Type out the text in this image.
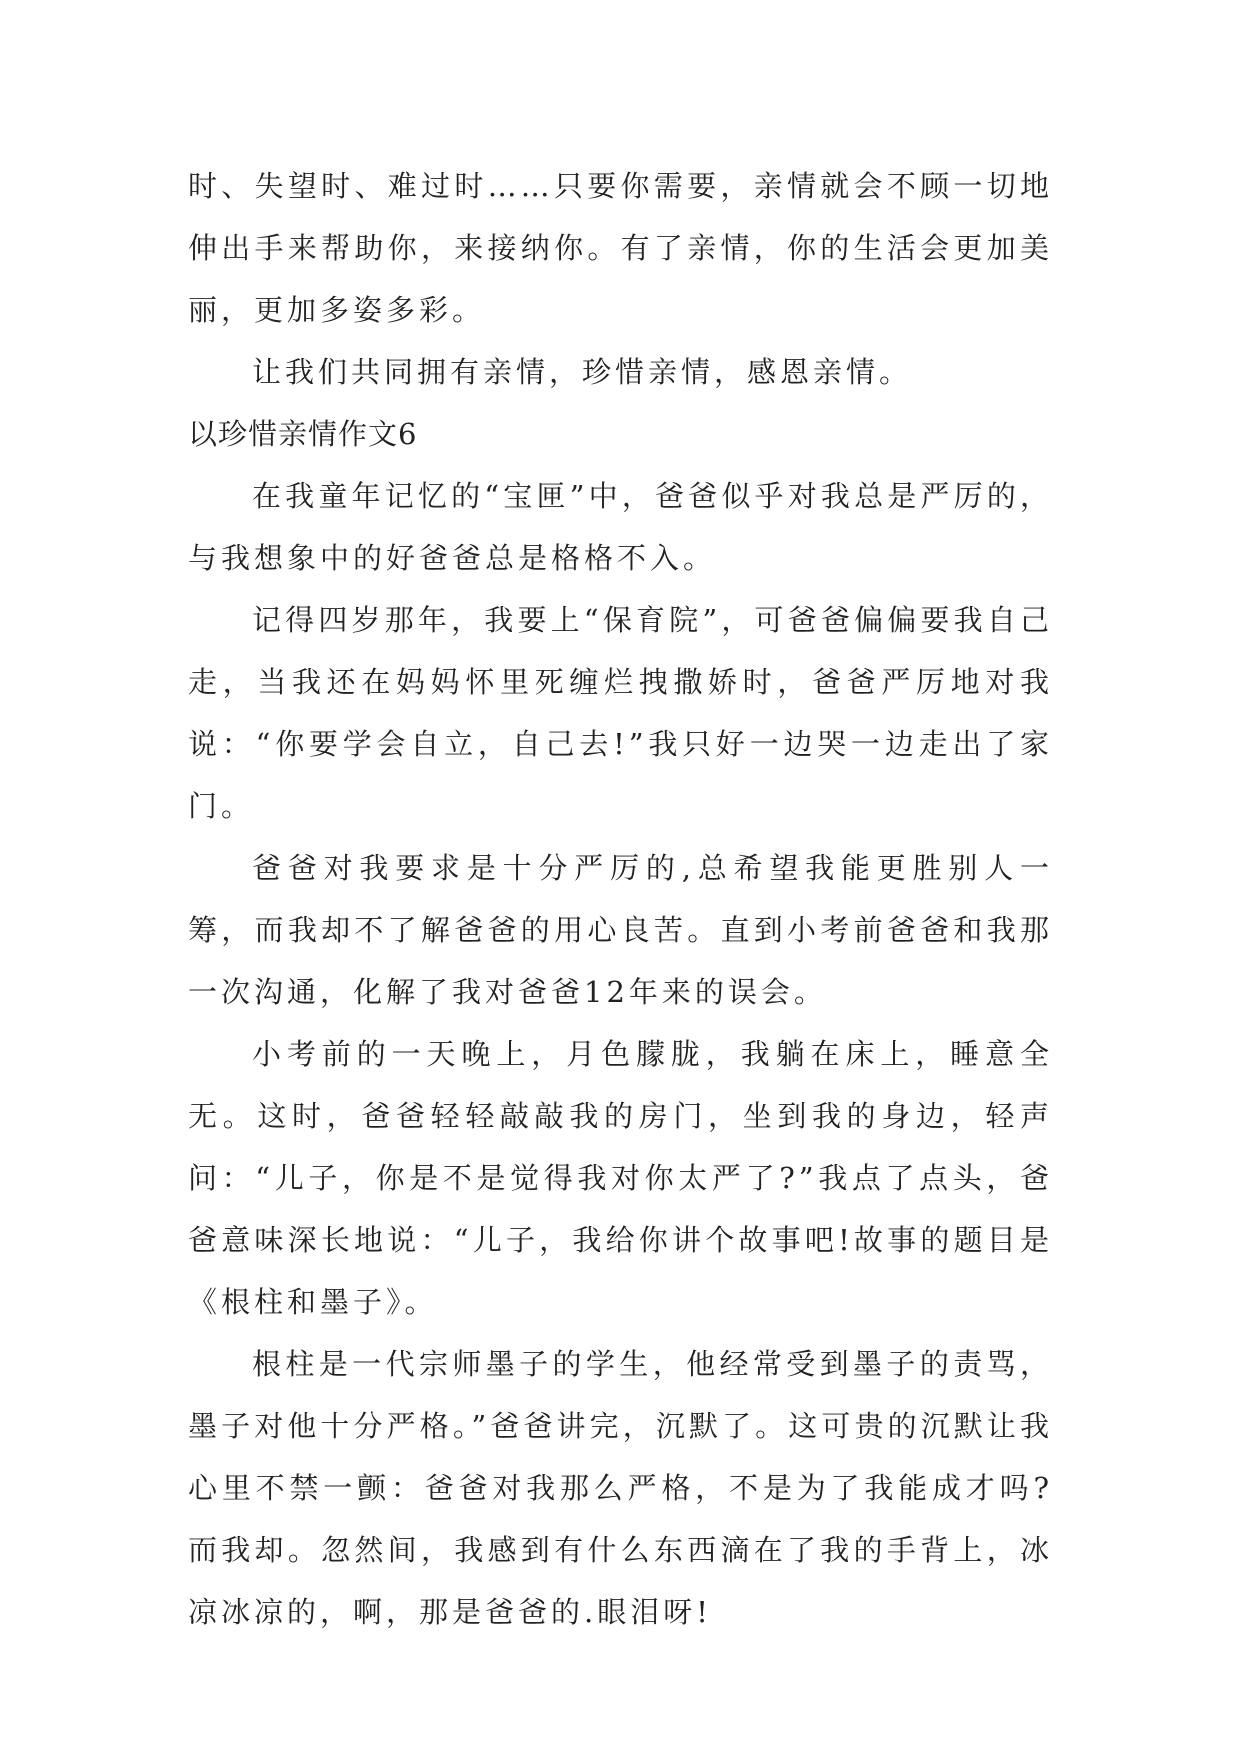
时、失望时、难过时……只要你需要，亲情就会不顾一切地伸出手来帮助你，来接纳你。有了亲情，你的生活会更加美丽，更加多姿多彩。

让我们共同拥有亲情，珍惜亲情，感恩亲情。

以珍惜亲情作文6

在我童年记忆的“宝匣”中，爸爸似乎对我总是严厉的，与我想象中的好爸爸总是格格不入。

记得四岁那年，我要上“保育院”，可爸爸偏偏要我自己走，当我还在妈妈怀里死缠烂拽撒娇时，爸爸严厉地对我说：“你要学会自立，自己去!”我只好一边哭一边走出了家门。

爸爸对我要求是十分严厉的,总希望我能更胜别人一筹，而我却不了解爸爸的用心良苦。直到小考前爸爸和我那一次沟通，化解了我对爸爸12年来的误会。

小考前的一天晚上，月色朦胧，我躺在床上，睡意全无。这时，爸爸轻轻敲敲我的房门，坐到我的身边，轻声问：“儿子，你是不是觉得我对你太严了?”我点了点头，爸爸意味深长地说：“儿子，我给你讲个故事吧!故事的题目是《根柱和墨子》。

根柱是一代宗师墨子的学生，他经常受到墨子的责骂，墨子对他十分严格。”爸爸讲完，沉默了。这可贵的沉默让我心里不禁一颤：爸爸对我那么严格，不是为了我能成才吗?而我却。忽然间，我感到有什么东西滴在了我的手背上，冰凉冰凉的，啊，那是爸爸的.眼泪呀!
